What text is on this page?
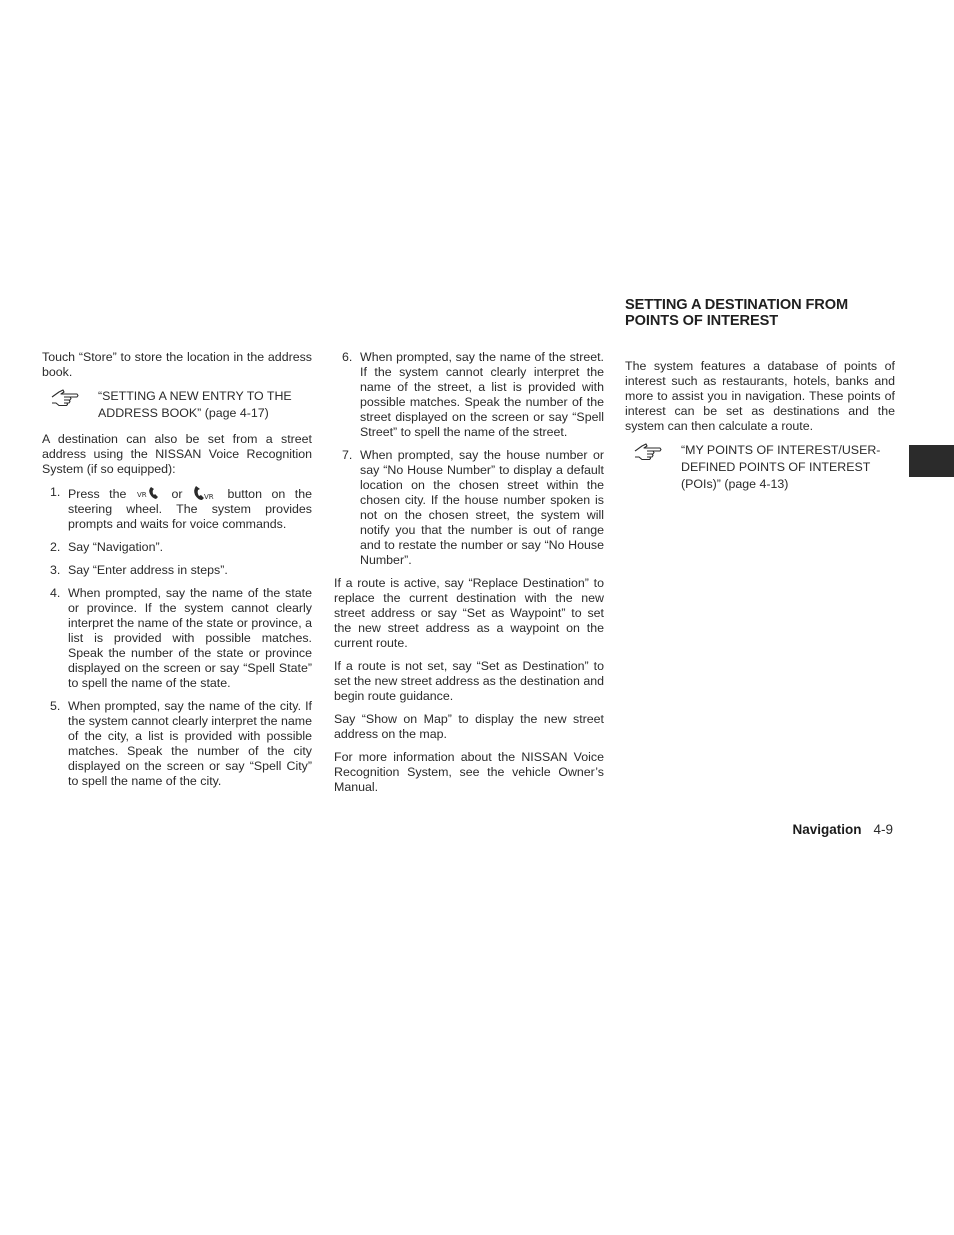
Touch “Store” to store the location in the address book.

“SETTING A NEW ENTRY TO THE ADDRESS BOOK” (page 4-17)

A destination can also be set from a street address using the NISSAN Voice Recognition System (if so equipped):

1. Press the VR or	VR button on the steering wheel. The system provides prompts and waits for voice commands.
2. Say “Navigation”.
3. Say “Enter address in steps”.
4. When prompted, say the name of the state or province. If the system cannot clearly interpret the name of the state or province, a list is provided with possible matches. Speak the number of the state or province displayed on the screen or say “Spell State” to spell the name of the state.
5. When prompted, say the name of the city. If the system cannot clearly interpret the name of the city, a list is provided with possible matches. Speak the number of the city displayed on the screen or say “Spell City” to spell the name of the city.
6. When prompted, say the name of the street. If the system cannot clearly interpret the name of the street, a list is provided with possible matches. Speak the number of the street displayed on the screen or say “Spell Street” to spell the name of the street.
7. When prompted, say the house number or say “No House Number” to display a default location on the chosen street within the chosen city. If the house number spoken is not on the chosen street, the system will notify you that the number is out of range and to restate the number or say “No House Number”.

If a route is active, say “Replace Destination” to replace the current destination with the new street address or say “Set as Waypoint” to set the new street address as a waypoint on the current route.

If a route is not set, say “Set as Destination” to set the new street address as the destination and begin route guidance.

Say “Show on Map” to display the new street address on the map.

For more information about the NISSAN Voice Recognition System, see the vehicle Owner’s Manual.

SETTING A DESTINATION FROM POINTS OF INTEREST

The system features a database of points of interest such as restaurants, hotels, banks and more to assist you in navigation. These points of interest can be set as destinations and the system can then calculate a route.

“MY POINTS OF INTEREST/USER-DEFINED POINTS OF INTEREST (POIs)” (page 4-13)
Navigation 4-9
